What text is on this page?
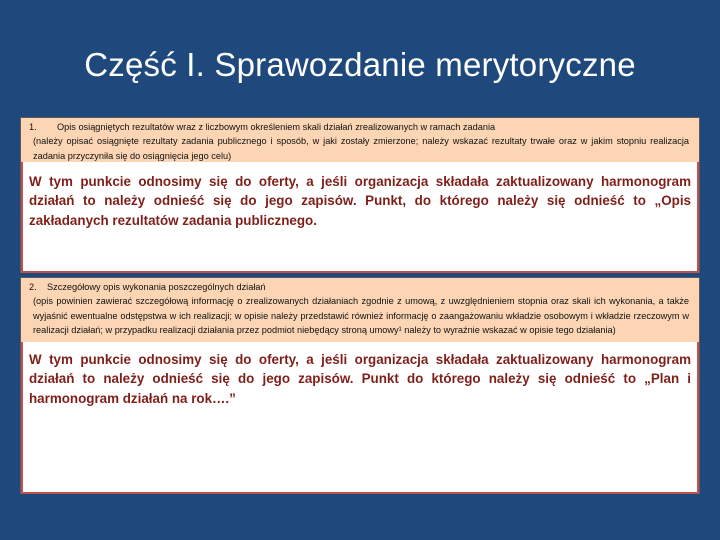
Część I. Sprawozdanie merytoryczne
1.	Opis osiągniętych rezultatów wraz z liczbowym określeniem skali działań zrealizowanych w ramach zadania
(należy opisać osiągnięte rezultaty zadania publicznego i sposób, w jaki zostały zmierzone; należy wskazać rezultaty trwałe oraz w jakim stopniu realizacja zadania przyczyniła się do osiągnięcia jego celu)
W tym punkcie odnosimy się do oferty, a jeśli organizacja składała zaktualizowany harmonogram działań to należy odnieść się do jego zapisów. Punkt, do którego należy się odnieść to „Opis zakładanych rezultatów zadania publicznego.
2.	Szczegółowy opis wykonania poszczególnych działań
(opis powinien zawierać szczegółową informację o zrealizowanych działaniach zgodnie z umową, z uwzględnieniem stopnia oraz skali ich wykonania, a także wyjaśnić ewentualne odstępstwa w ich realizacji; w opisie należy przedstawić również informację o zaangażowaniu wkładzie osobowym i wkładzie rzeczowym w realizacji działań; w przypadku realizacji działania przez podmiot niebędący stroną umowy¹ należy to wyraźnie wskazać w opisie tego działania)
W tym punkcie odnosimy się do oferty, a jeśli organizacja składała zaktualizowany harmonogram działań to należy odnieść się do jego zapisów. Punkt do którego należy się odnieść to „Plan i harmonogram działań na rok….”
